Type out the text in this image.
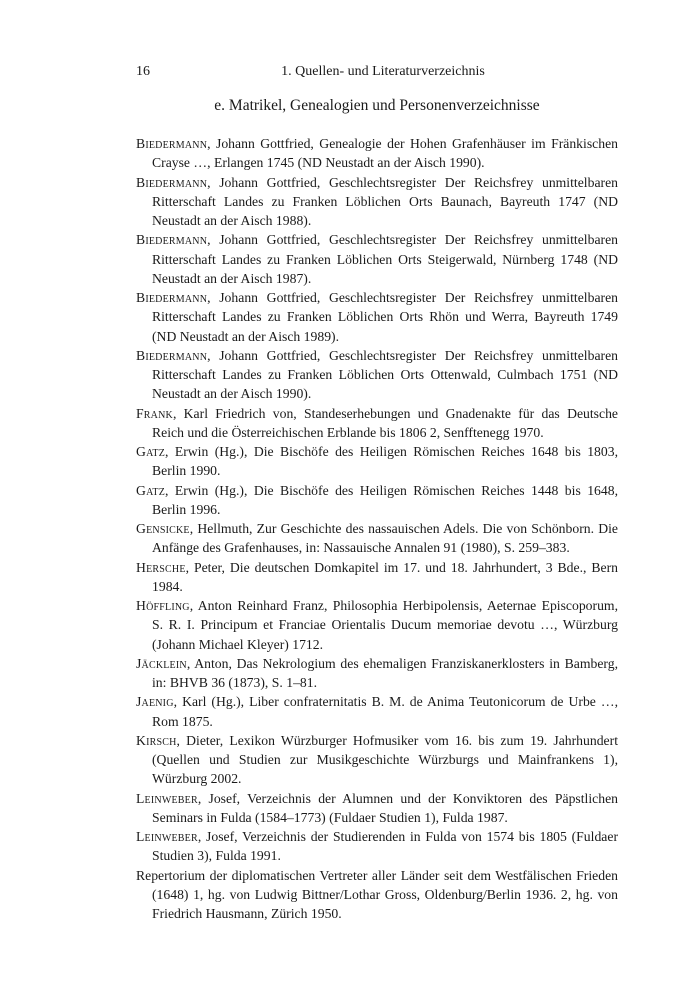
16	1. Quellen- und Literaturverzeichnis
e. Matrikel, Genealogien und Personenverzeichnisse
Biedermann, Johann Gottfried, Genealogie der Hohen Grafenhäuser im Fränkischen Crayse …, Erlangen 1745 (ND Neustadt an der Aisch 1990).
Biedermann, Johann Gottfried, Geschlechtsregister Der Reichsfrey unmittelbaren Ritterschaft Landes zu Franken Löblichen Orts Baunach, Bayreuth 1747 (ND Neustadt an der Aisch 1988).
Biedermann, Johann Gottfried, Geschlechtsregister Der Reichsfrey unmittelbaren Ritterschaft Landes zu Franken Löblichen Orts Steigerwald, Nürnberg 1748 (ND Neustadt an der Aisch 1987).
Biedermann, Johann Gottfried, Geschlechtsregister Der Reichsfrey unmittelbaren Ritterschaft Landes zu Franken Löblichen Orts Rhön und Werra, Bayreuth 1749 (ND Neustadt an der Aisch 1989).
Biedermann, Johann Gottfried, Geschlechtsregister Der Reichsfrey unmittelbaren Ritterschaft Landes zu Franken Löblichen Orts Ottenwald, Culmbach 1751 (ND Neustadt an der Aisch 1990).
Frank, Karl Friedrich von, Standeserhebungen und Gnadenakte für das Deutsche Reich und die Österreichischen Erblande bis 1806 2, Senfftenegg 1970.
Gatz, Erwin (Hg.), Die Bischöfe des Heiligen Römischen Reiches 1648 bis 1803, Berlin 1990.
Gatz, Erwin (Hg.), Die Bischöfe des Heiligen Römischen Reiches 1448 bis 1648, Berlin 1996.
Gensicke, Hellmuth, Zur Geschichte des nassauischen Adels. Die von Schönborn. Die Anfänge des Grafenhauses, in: Nassauische Annalen 91 (1980), S. 259–383.
Hersche, Peter, Die deutschen Domkapitel im 17. und 18. Jahrhundert, 3 Bde., Bern 1984.
Höffling, Anton Reinhard Franz, Philosophia Herbipolensis, Aeternae Episcoporum, S. R. I. Principum et Franciae Orientalis Ducum memoriae devotu …, Würzburg (Johann Michael Kleyer) 1712.
Jäcklein, Anton, Das Nekrologium des ehemaligen Franziskanerklosters in Bamberg, in: BHVB 36 (1873), S. 1–81.
Jaenig, Karl (Hg.), Liber confraternitatis B. M. de Anima Teutonicorum de Urbe …, Rom 1875.
Kirsch, Dieter, Lexikon Würzburger Hofmusiker vom 16. bis zum 19. Jahrhundert (Quellen und Studien zur Musikgeschichte Würzburgs und Mainfrankens 1), Würzburg 2002.
Leinweber, Josef, Verzeichnis der Alumnen und der Konviktoren des Päpstlichen Seminars in Fulda (1584–1773) (Fuldaer Studien 1), Fulda 1987.
Leinweber, Josef, Verzeichnis der Studierenden in Fulda von 1574 bis 1805 (Fuldaer Studien 3), Fulda 1991.
Repertorium der diplomatischen Vertreter aller Länder seit dem Westfälischen Frieden (1648) 1, hg. von Ludwig Bittner/Lothar Gross, Oldenburg/Berlin 1936. 2, hg. von Friedrich Hausmann, Zürich 1950.
